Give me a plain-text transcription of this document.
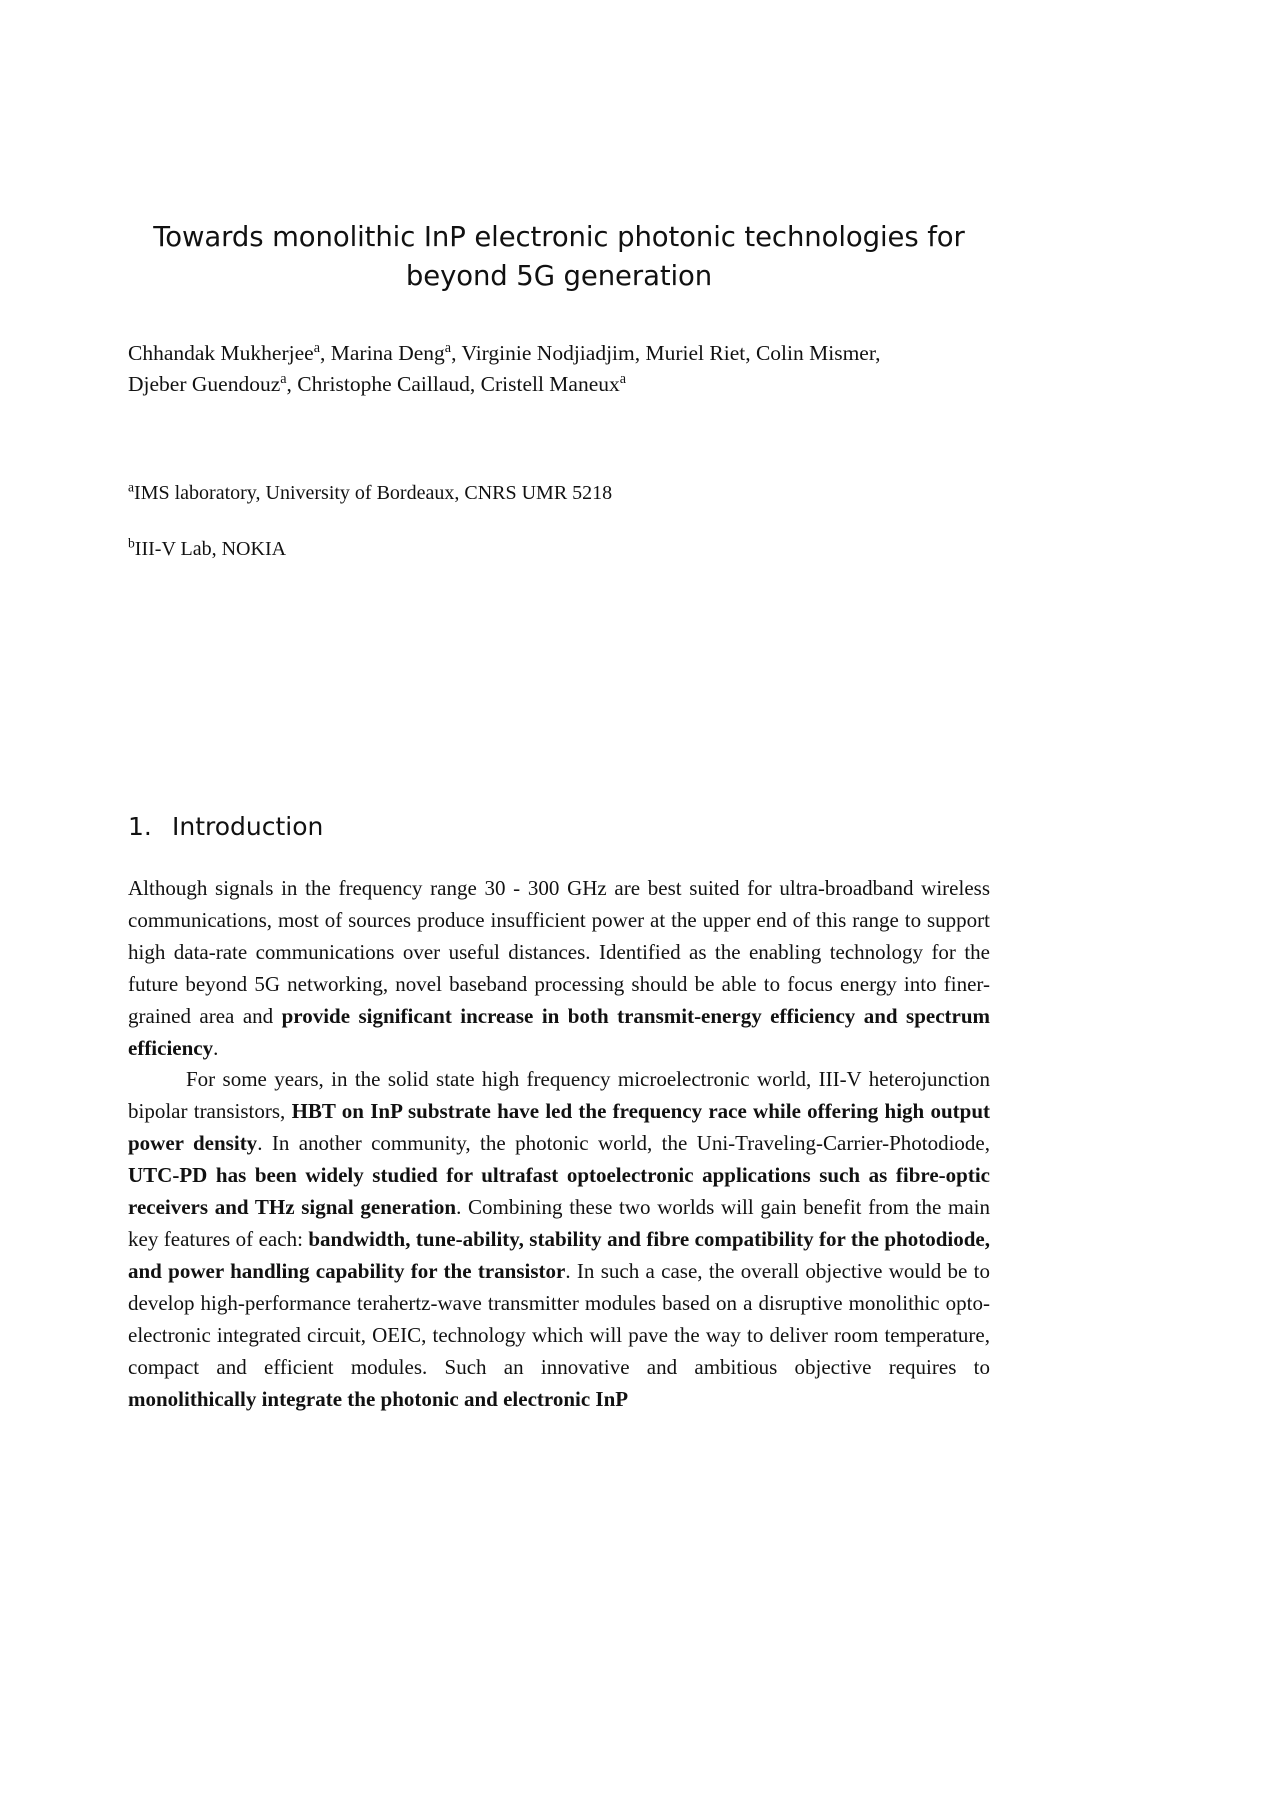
Towards monolithic InP electronic photonic technologies for beyond 5G generation
Chhandak Mukherjee$^a$, Marina Deng$^a$, Virginie Nodjiadjim, Muriel Riet, Colin Mismer,
Djeber Guendouz$^a$, Christophe Caillaud, Cristell Maneux$^a$

$^a$IMS laboratory, University of Bordeaux, CNRS UMR 5218

$^b$III-V Lab, NOKIA

1. Introduction

Although signals in the frequency range 30 - 300 GHz are best suited for ultra-broadband wireless communications, most of sources produce insufficient power at the upper end of this range to support high data-rate communications over useful distances. Identified as the enabling technology for the future beyond 5G networking, novel baseband processing should be able to focus energy into finer-grained area and provide significant increase in both transmit-energy efficiency and spectrum efficiency.

For some years, in the solid state high frequency microelectronic world, III-V heterojunction bipolar transistors, HBT on InP substrate have led the frequency race while offering high output power density. In another community, the photonic world, the Uni-Traveling-Carrier-Photodiode, UTC-PD has been widely studied for ultrafast optoelectronic applications such as fibre-optic receivers and THz signal generation. Combining these two worlds will gain benefit from the main key features of each: bandwidth, tune-ability, stability and fibre compatibility for the photodiode, and power handling capability for the transistor. In such a case, the overall objective would be to develop high-performance terahertz-wave transmitter modules based on a disruptive monolithic opto-electronic integrated circuit, OEIC, technology which will pave the way to deliver room temperature, compact and efficient modules. Such an innovative and ambitious objective requires to monolithically integrate the photonic and electronic InP
